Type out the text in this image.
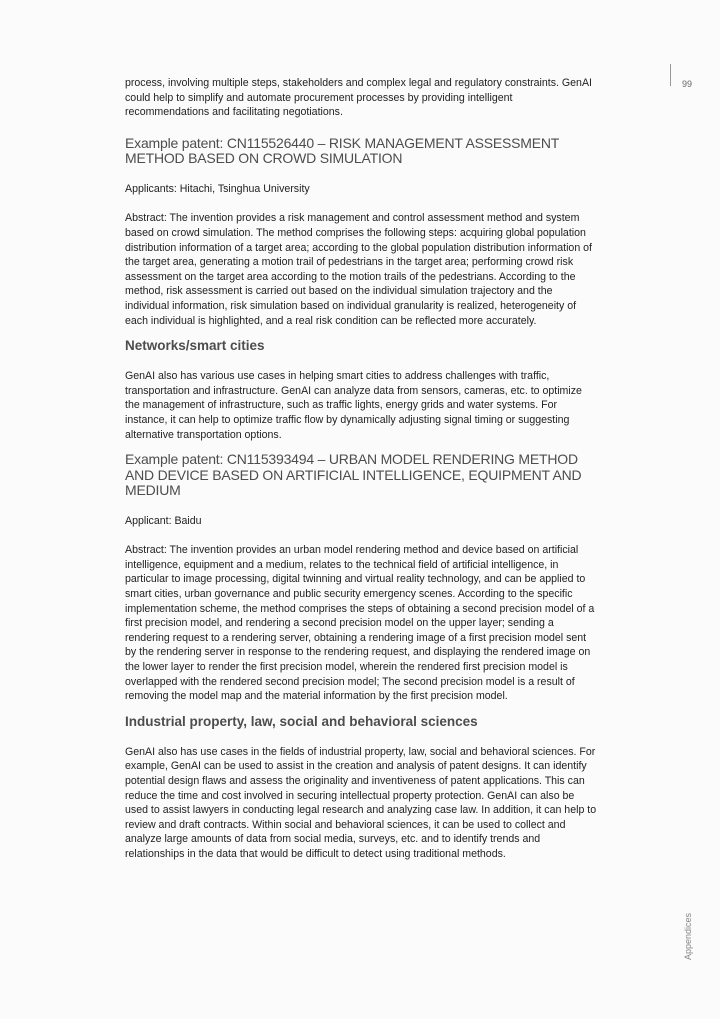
99
Appendices

process, involving multiple steps, stakeholders and complex legal and regulatory constraints. GenAI could help to simplify and automate procurement processes by providing intelligent recommendations and facilitating negotiations.

Example patent: CN115526440 – RISK MANAGEMENT ASSESSMENT METHOD BASED ON CROWD SIMULATION

Applicants: Hitachi, Tsinghua University

Abstract: The invention provides a risk management and control assessment method and system based on crowd simulation. The method comprises the following steps: acquiring global population distribution information of a target area; according to the global population distribution information of the target area, generating a motion trail of pedestrians in the target area; performing crowd risk assessment on the target area according to the motion trails of the pedestrians. According to the method, risk assessment is carried out based on the individual simulation trajectory and the individual information, risk simulation based on individual granularity is realized, heterogeneity of each individual is highlighted, and a real risk condition can be reflected more accurately.

Networks/smart cities

GenAI also has various use cases in helping smart cities to address challenges with traffic, transportation and infrastructure. GenAI can analyze data from sensors, cameras, etc. to optimize the management of infrastructure, such as traffic lights, energy grids and water systems. For instance, it can help to optimize traffic flow by dynamically adjusting signal timing or suggesting alternative transportation options.

Example patent: CN115393494 – URBAN MODEL RENDERING METHOD AND DEVICE BASED ON ARTIFICIAL INTELLIGENCE, EQUIPMENT AND MEDIUM

Applicant: Baidu

Abstract: The invention provides an urban model rendering method and device based on artificial intelligence, equipment and a medium, relates to the technical field of artificial intelligence, in particular to image processing, digital twinning and virtual reality technology, and can be applied to smart cities, urban governance and public security emergency scenes. According to the specific implementation scheme, the method comprises the steps of obtaining a second precision model of a first precision model, and rendering a second precision model on the upper layer; sending a rendering request to a rendering server, obtaining a rendering image of a first precision model sent by the rendering server in response to the rendering request, and displaying the rendered image on the lower layer to render the first precision model, wherein the rendered first precision model is overlapped with the rendered second precision model; The second precision model is a result of removing the model map and the material information by the first precision model.

Industrial property, law, social and behavioral sciences

GenAI also has use cases in the fields of industrial property, law, social and behavioral sciences. For example, GenAI can be used to assist in the creation and analysis of patent designs. It can identify potential design flaws and assess the originality and inventiveness of patent applications. This can reduce the time and cost involved in securing intellectual property protection. GenAI can also be used to assist lawyers in conducting legal research and analyzing case law. In addition, it can help to review and draft contracts. Within social and behavioral sciences, it can be used to collect and analyze large amounts of data from social media, surveys, etc. and to identify trends and relationships in the data that would be difficult to detect using traditional methods.
